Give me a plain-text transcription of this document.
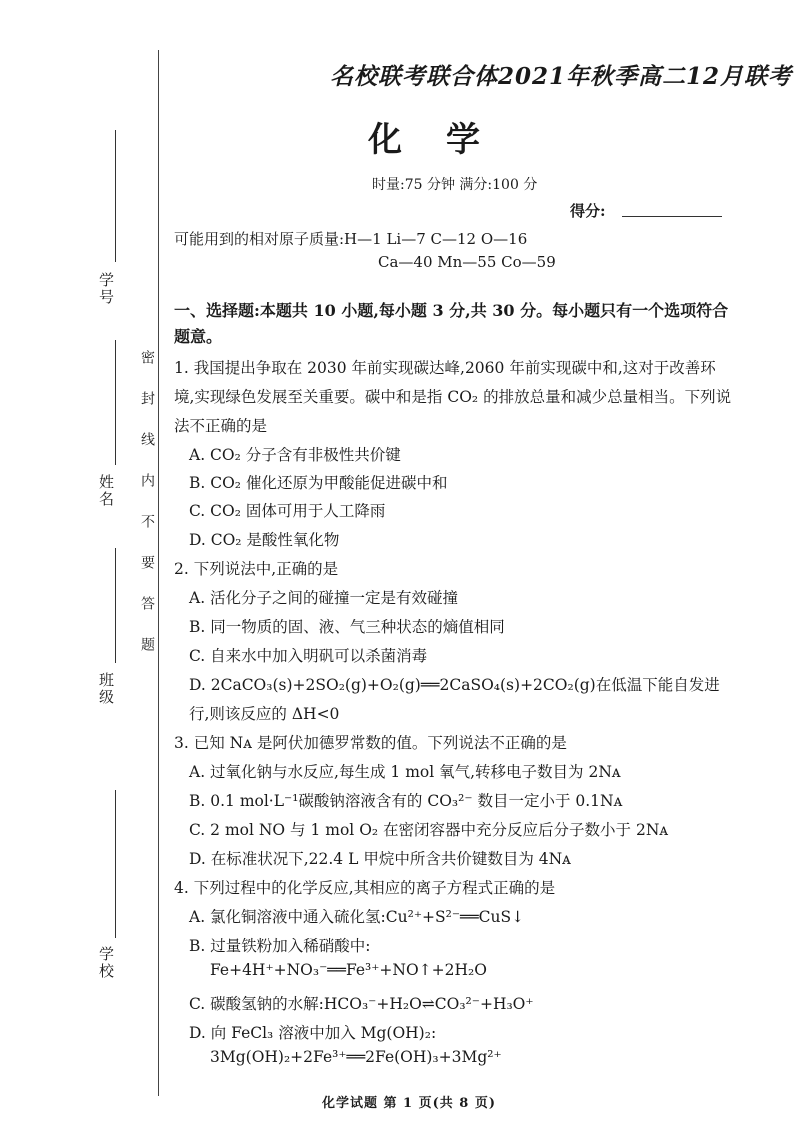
学号
姓名
班级
学校
密封线内不要答题
名校联考联合体2021年秋季高二12月联考
化学
时量:75 分钟 满分:100 分
得分:
可能用到的相对原子质量:H—1 Li—7 C—12 O—16
Ca—40 Mn—55 Co—59
一、选择题:本题共 10 小题,每小题 3 分,共 30 分。每小题只有一个选项符合题意。
1. 我国提出争取在 2030 年前实现碳达峰,2060 年前实现碳中和,这对于改善环境,实现绿色发展至关重要。碳中和是指 CO₂ 的排放总量和减少总量相当。下列说法不正确的是
A. CO₂ 分子含有非极性共价键
B. CO₂ 催化还原为甲酸能促进碳中和
C. CO₂ 固体可用于人工降雨
D. CO₂ 是酸性氧化物
2. 下列说法中,正确的是
A. 活化分子之间的碰撞一定是有效碰撞
B. 同一物质的固、液、气三种状态的熵值相同
C. 自来水中加入明矾可以杀菌消毒
D. 2CaCO₃(s)+2SO₂(g)+O₂(g)══2CaSO₄(s)+2CO₂(g)在低温下能自发进行,则该反应的 ΔH<0
3. 已知 Nᴀ 是阿伏加德罗常数的值。下列说法不正确的是
A. 过氧化钠与水反应,每生成 1 mol 氧气,转移电子数目为 2Nᴀ
B. 0.1 mol·L⁻¹碳酸钠溶液含有的 CO₃²⁻ 数目一定小于 0.1Nᴀ
C. 2 mol NO 与 1 mol O₂ 在密闭容器中充分反应后分子数小于 2Nᴀ
D. 在标准状况下,22.4 L 甲烷中所含共价键数目为 4Nᴀ
4. 下列过程中的化学反应,其相应的离子方程式正确的是
A. 氯化铜溶液中通入硫化氢:Cu²⁺+S²⁻══CuS↓
B. 过量铁粉加入稀硝酸中:
Fe+4H⁺+NO₃⁻══Fe³⁺+NO↑+2H₂O
C. 碳酸氢钠的水解:HCO₃⁻+H₂O⇌CO₃²⁻+H₃O⁺
D. 向 FeCl₃ 溶液中加入 Mg(OH)₂:
3Mg(OH)₂+2Fe³⁺══2Fe(OH)₃+3Mg²⁺
化学试题 第 1 页(共 8 页)
